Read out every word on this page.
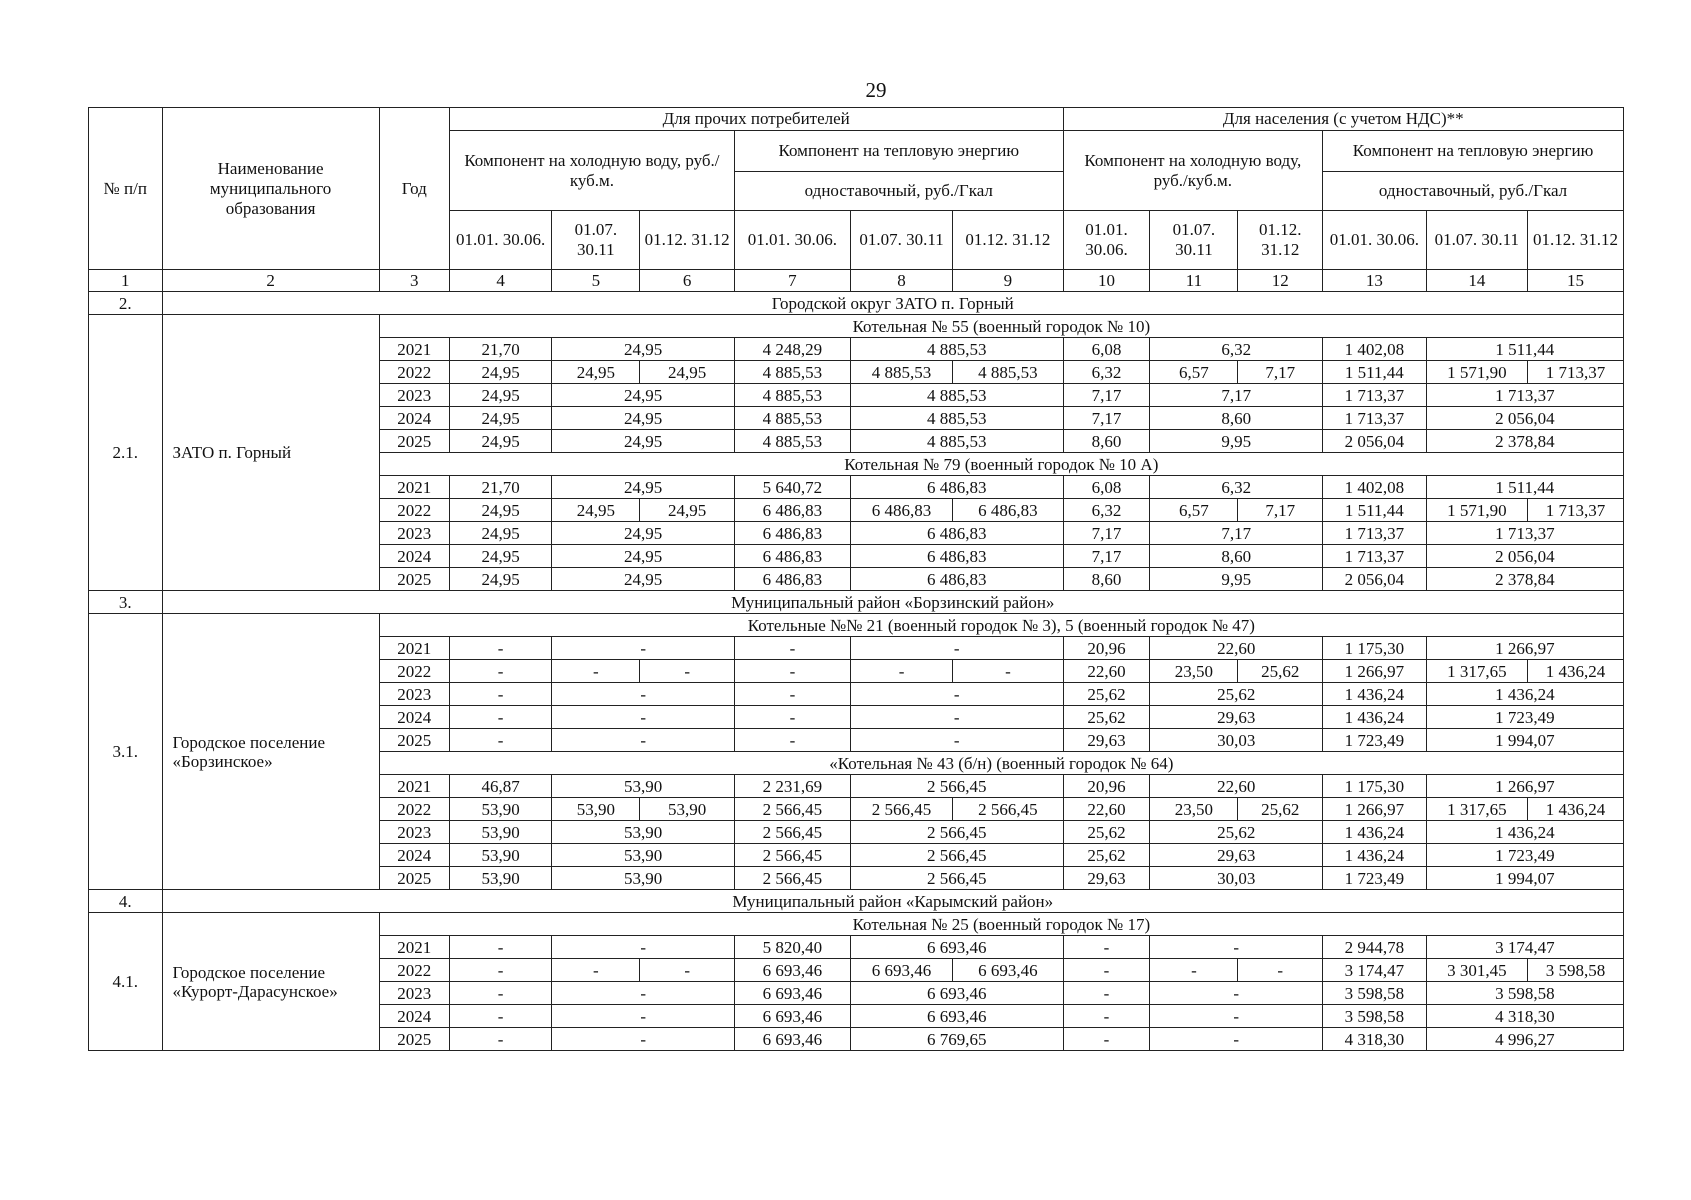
29
№ п/п	Наименование муниципального образования	Год	Для прочих потребителей						Для населения (с учетом НДС)**					
			Компонент на холодную воду, руб./куб.м.			Компонент на тепловую энергию			Компонент на холодную воду, руб./куб.м.			Компонент на тепловую энергию		
						одноставочный, руб./Гкал						одноставочный, руб./Гкал		
			01.01. 30.06.	01.07. 30.11	01.12. 31.12	01.01. 30.06.	01.07. 30.11	01.12. 31.12	01.01. 30.06.	01.07. 30.11	01.12. 31.12	01.01. 30.06.	01.07. 30.11	01.12. 31.12
1	2	3	4	5	6	7	8	9	10	11	12	13	14	15
2.	Городской округ ЗАТО п. Горный													
2.1.	ЗАТО п. Горный	Котельная № 55 (военный городок № 10)												
		2021	21,70	24,95		4 248,29	4 885,53		6,08	6,32		1 402,08	1 511,44	
		2022	24,95	24,95	24,95	4 885,53	4 885,53	4 885,53	6,32	6,57	7,17	1 511,44	1 571,90	1 713,37
		2023	24,95	24,95		4 885,53	4 885,53		7,17	7,17		1 713,37	1 713,37	
		2024	24,95	24,95		4 885,53	4 885,53		7,17	8,60		1 713,37	2 056,04	
		2025	24,95	24,95		4 885,53	4 885,53		8,60	9,95		2 056,04	2 378,84	
		Котельная № 79 (военный городок № 10 А)												
		2021	21,70	24,95		5 640,72	6 486,83		6,08	6,32		1 402,08	1 511,44	
		2022	24,95	24,95	24,95	6 486,83	6 486,83	6 486,83	6,32	6,57	7,17	1 511,44	1 571,90	1 713,37
		2023	24,95	24,95		6 486,83	6 486,83		7,17	7,17		1 713,37	1 713,37	
		2024	24,95	24,95		6 486,83	6 486,83		7,17	8,60		1 713,37	2 056,04	
		2025	24,95	24,95		6 486,83	6 486,83		8,60	9,95		2 056,04	2 378,84	
3.	Муниципальный район «Борзинский район»													
3.1.	Городское поселение «Борзинское»	Котельные №№ 21 (военный городок № 3), 5 (военный городок № 47)												
		2021	-	-		-	-		20,96	22,60		1 175,30	1 266,97	
		2022	-	-	-	-	-	-	22,60	23,50	25,62	1 266,97	1 317,65	1 436,24
		2023	-	-		-	-		25,62	25,62		1 436,24	1 436,24	
		2024	-	-		-	-		25,62	29,63		1 436,24	1 723,49	
		2025	-	-		-	-		29,63	30,03		1 723,49	1 994,07	
		«Котельная № 43 (б/н) (военный городок № 64)												
		2021	46,87	53,90		2 231,69	2 566,45		20,96	22,60		1 175,30	1 266,97	
		2022	53,90	53,90	53,90	2 566,45	2 566,45	2 566,45	22,60	23,50	25,62	1 266,97	1 317,65	1 436,24
		2023	53,90	53,90		2 566,45	2 566,45		25,62	25,62		1 436,24	1 436,24	
		2024	53,90	53,90		2 566,45	2 566,45		25,62	29,63		1 436,24	1 723,49	
		2025	53,90	53,90		2 566,45	2 566,45		29,63	30,03		1 723,49	1 994,07	
4.	Муниципальный район «Карымский район»													
4.1.	Городское поселение «Курорт-Дарасунское»	Котельная № 25 (военный городок № 17)												
		2021	-	-		5 820,40	6 693,46		-	-		2 944,78	3 174,47	
		2022	-	-	-	6 693,46	6 693,46	6 693,46	-	-	-	3 174,47	3 301,45	3 598,58
		2023	-	-		6 693,46	6 693,46		-	-		3 598,58	3 598,58	
		2024	-	-		6 693,46	6 693,46		-	-		3 598,58	4 318,30	
		2025	-	-		6 693,46	6 769,65		-	-		4 318,30	4 996,27	
